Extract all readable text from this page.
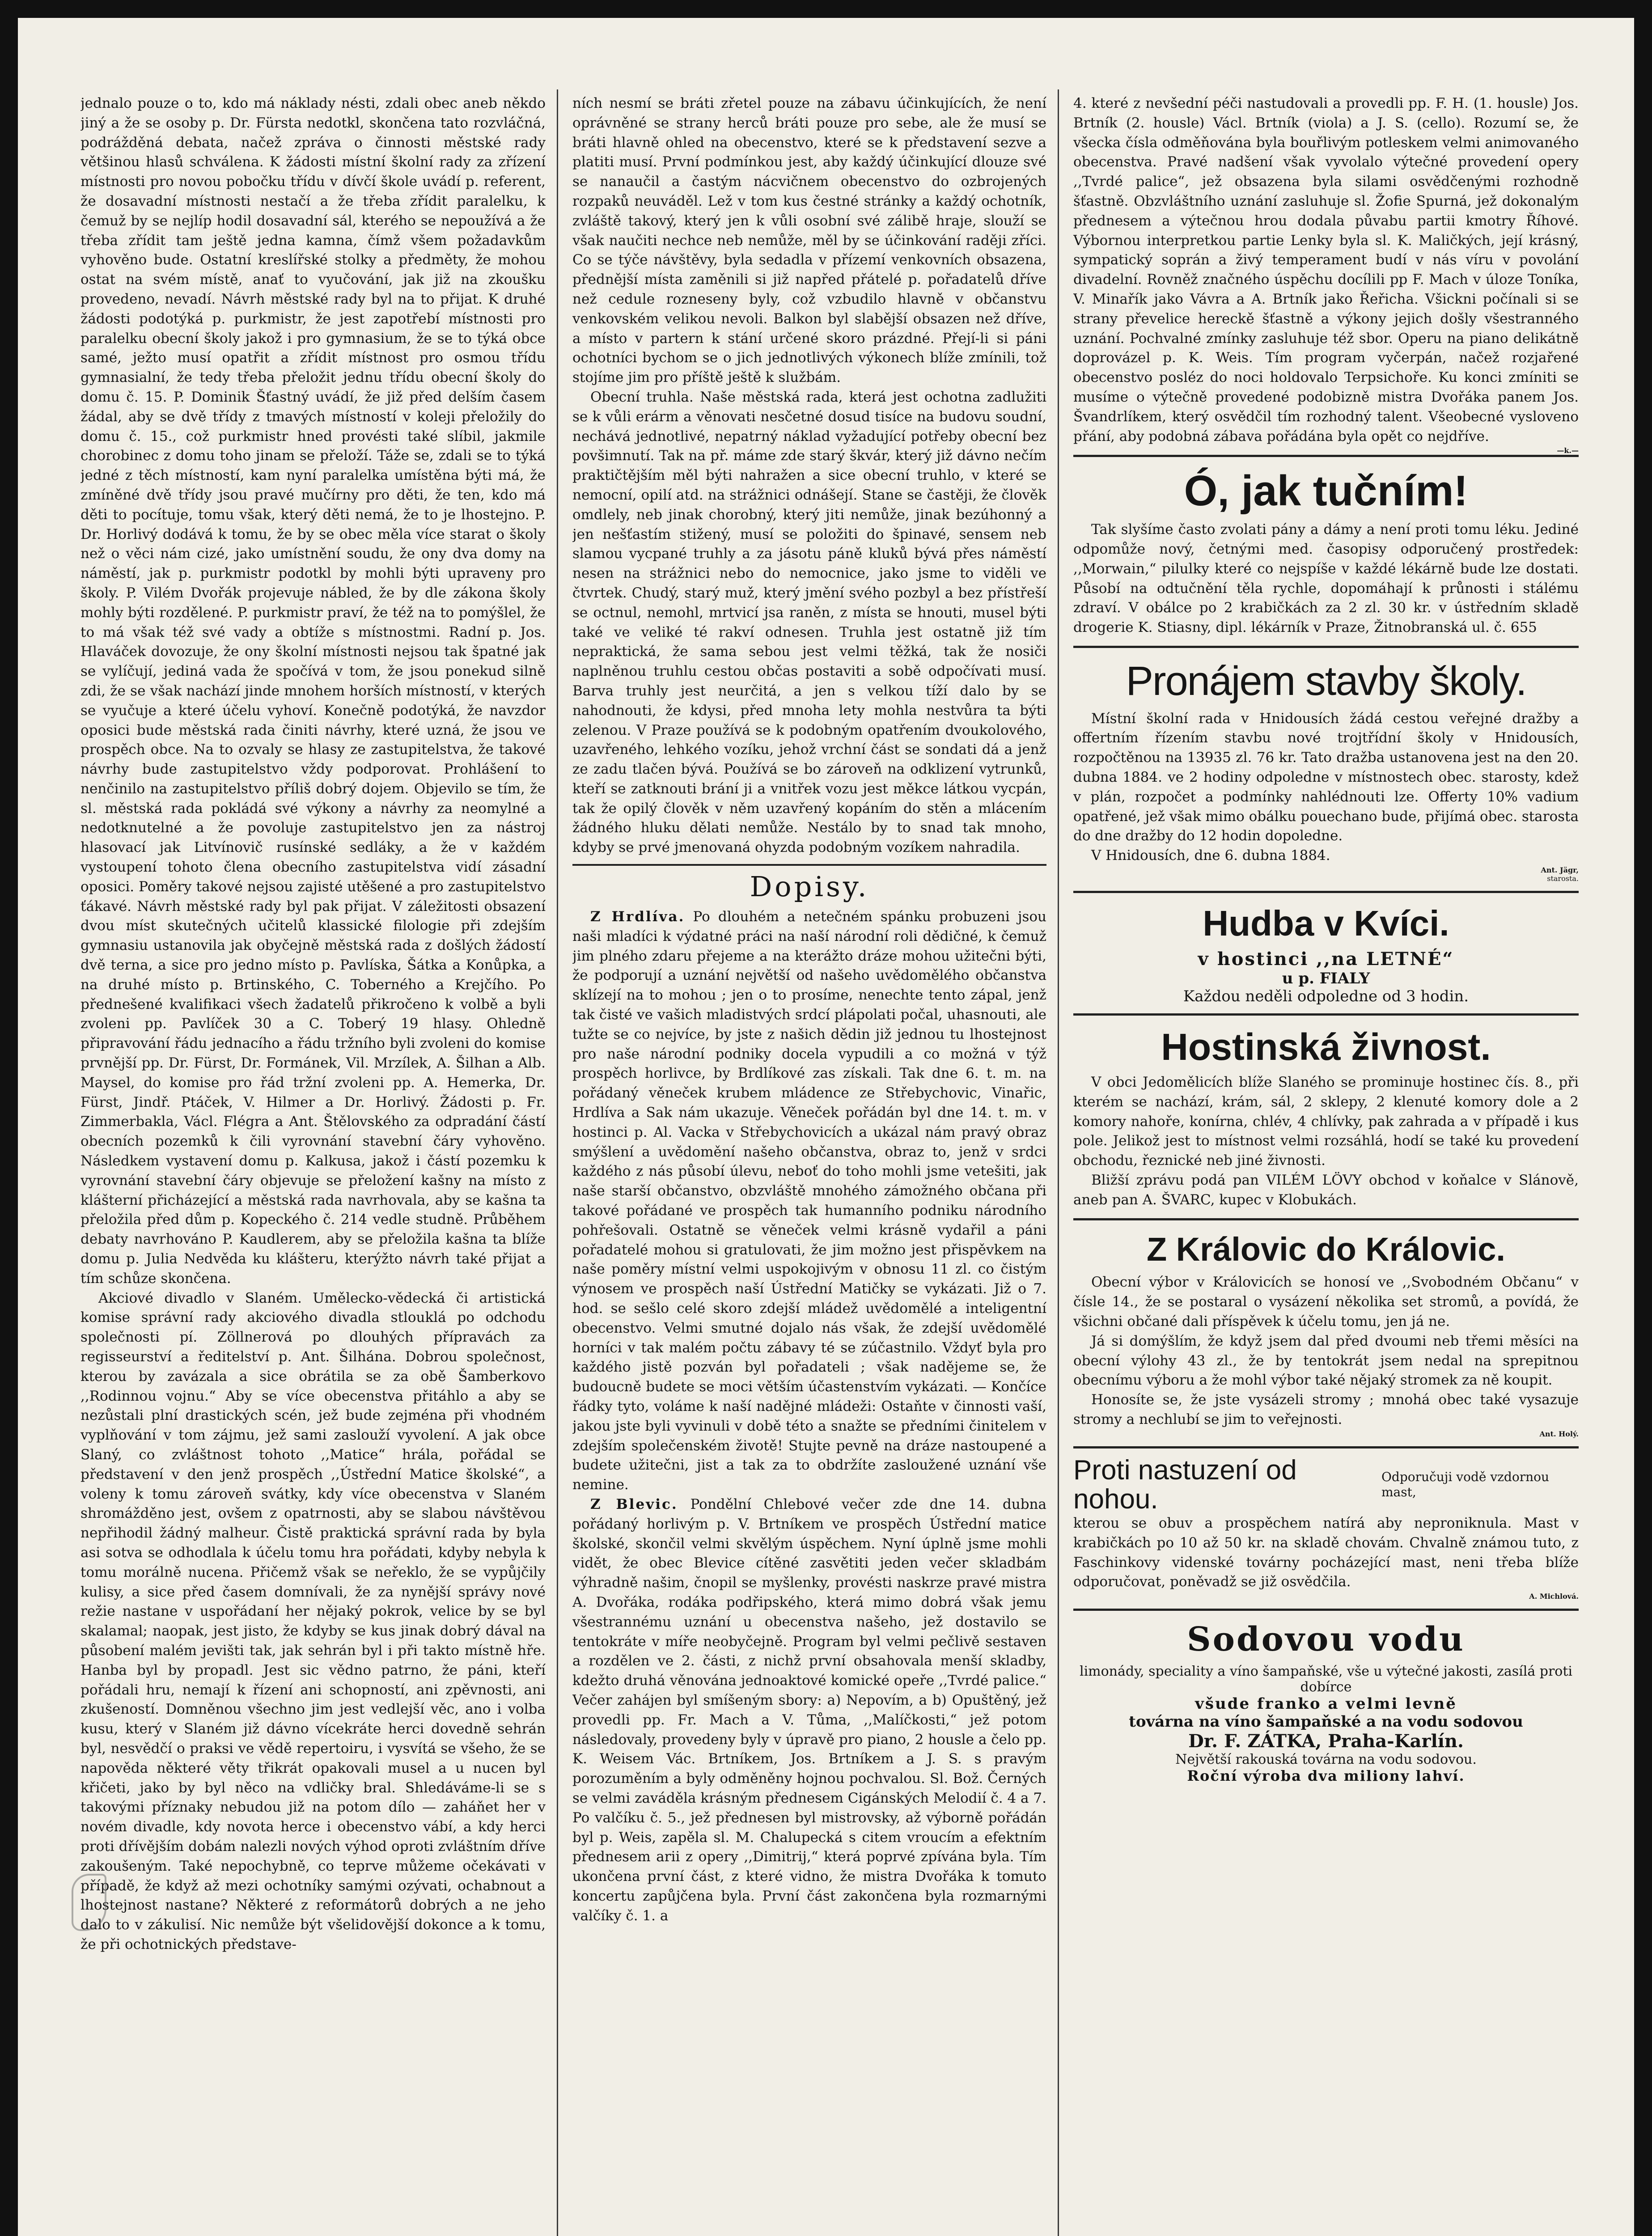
jednalo pouze o to, kdo má náklady nésti, zdali obec aneb někdo jiný a že se osoby p. Dr. Fürsta nedotkl, skončena tato rozvláčná, podrážděná debata, načež zpráva o činnosti městské rady většinou hlasů schválena. K žádosti místní školní rady za zřízení místnosti pro novou pobočku třídu v dívčí škole uvádí p. referent, že dosavadní místnosti nestačí a že třeba zřídit paralelku, k čemuž by se nejlíp hodil dosavadní sál, kterého se nepoužívá a že třeba zřídit tam ještě jedna kamna, čímž všem požadavkům vyhověno bude. Ostatní kreslířské stolky a předměty, že mohou ostat na svém místě, anať to vyučování, jak již na zkoušku provedeno, nevadí. Návrh městské rady byl na to přijat. K druhé žádosti podotýká p. purkmistr, že jest zapotřebí místnosti pro paralelku obecní školy jakož i pro gymnasium, že se to týká obce samé, ježto musí opatřit a zřídit místnost pro osmou třídu gymnasialní, že tedy třeba přeložit jednu třídu obecní školy do domu č. 15. P. Dominik Šťastný uvádí, že již před delším časem žádal, aby se dvě třídy z tmavých místností v koleji přeložily do domu č. 15., což purkmistr hned provésti také slíbil, jakmile chorobinec z domu toho jinam se přeloží. Táže se, zdali se to týká jedné z těch místností, kam nyní paralelka umístěna býti má, že zmíněné dvě třídy jsou pravé mučírny pro děti, že ten, kdo má děti to pocítuje, tomu však, který děti nemá, že to je lhostejno. P. Dr. Horlivý dodává k tomu, že by se obec měla více starat o školy než o věci nám cizé, jako umístnění soudu, že ony dva domy na náměstí, jak p. purkmistr podotkl by mohli býti upraveny pro školy. P. Vilém Dvořák projevuje nábled, že by dle zákona školy mohly býti rozdělené. P. purkmistr praví, že též na to pomýšlel, že to má však též své vady a obtíže s místnostmi. Radní p. Jos. Hlaváček dovozuje, že ony školní místnosti nejsou tak špatné jak se vylíčují, jediná vada že spočívá v tom, že jsou ponekud silně zdi, že se však nachází jinde mnohem horších místností, v kterých se vyučuje a které účelu vyhoví. Konečně podotýká, že navzdor oposici bude městská rada činiti návrhy, které uzná, že jsou ve prospěch obce. Na to ozvaly se hlasy ze zastupitelstva, že takové návrhy bude zastupitelstvo vždy podporovat. Prohlášení to nenčinilo na zastupitelstvo příliš dobrý dojem. Objevilo se tím, že sl. městská rada pokládá své výkony a návrhy za neomylné a nedotknutelné a že povoluje zastupitelstvo jen za nástroj hlasovací jak Litvínovič rusínské sedláky, a že v každém vystoupení tohoto člena obecního zastupitelstva vidí zásadní oposici. Poměry takové nejsou zajisté utěšené a pro zastupitelstvo ťákavé. Návrh městské rady byl pak přijat. V záležitosti obsazení dvou míst skutečných učitelů klassické filologie při zdejším gymnasiu ustanovila jak obyčejně městská rada z došlých žádostí dvě terna, a sice pro jedno místo p. Pavlíska, Šátka a Konůpka, a na druhé místo p. Brtinského, C. Toberného a Krejčího. Po přednešené kvalifikaci všech žadatelů přikročeno k volbě a byli zvoleni pp. Pavlíček 30 a C. Toberý 19 hlasy. Ohledně připravování řádu jednacího a řádu tržního byli zvoleni do komise prvnější pp. Dr. Fürst, Dr. Formánek, Vil. Mrzílek, A. Šilhan a Alb. Maysel, do komise pro řád tržní zvoleni pp. A. Hemerka, Dr. Fürst, Jindř. Ptáček, V. Hilmer a Dr. Horlivý. Žádosti p. Fr. Zimmerbakla, Václ. Flégra a Ant. Štělovského za odpradání částí obecních pozemků k čili vyrovnání stavební čáry vyhověno. Následkem vystavení domu p. Kalkusa, jakož i částí pozemku k vyrovnání stavební čáry objevuje se přeložení kašny na místo z klášterní přicházející a městská rada navrhovala, aby se kašna ta přeložila před dům p. Kopeckého č. 214 vedle studně. Průběhem debaty navrhováno P. Kaudlerem, aby se přeložila kašna ta blíže domu p. Julia Nedvěda ku klášteru, kterýžto návrh také přijat a tím schůze skončena.

Akciové divadlo v Slaném. Umělecko-vědecká či artistická komise správní rady akciového divadla stlouklá po odchodu společnosti pí. Zöllnerová po dlouhých přípravách za regisseurství a ředitelství p. Ant. Šilhána. Dobrou společnost, kterou by zavázala a sice obrátila se za obě Šamberkovo ,,Rodinnou vojnu.“ Aby se více obecenstva přitáhlo a aby se nezůstali plní drastických scén, jež bude zejména při vhodném vyplňování v tom zájmu, jež sami zaslouží vyvolení. A jak obce Slaný, co zvláštnost tohoto ,,Matice“ hrála, pořádal se představení v den jenž prospěch ,,Ústřední Matice školské“, a voleny k tomu zároveň svátky, kdy více obecenstva v Slaném shromážděno jest, ovšem z opatrnosti, aby se slabou návštěvou nepřihodil žádný malheur. Čistě praktická správní rada by byla asi sotva se odhodlala k účelu tomu hra pořádati, kdyby nebyla k tomu morálně nucena. Přičemž však se neřeklo, že se vypůjčily kulisy, a sice před časem domnívali, že za nynější správy nové režie nastane v uspořádaní her nějaký pokrok, velice by se byl skalamal; naopak, jest jisto, že kdyby se kus jinak dobrý dával na působení malém jevišti tak, jak sehrán byl i při takto místně hře. Hanba byl by propadl. Jest sic vědno patrno, že páni, kteří pořádali hru, nemají k řízení ani schopností, ani zpěvnosti, ani zkušeností. Domněnou všechno jim jest vedlejší věc, ano i volba kusu, který v Slaném již dávno vícekráte herci dovedně sehrán byl, nesvědčí o praksi ve vědě repertoiru, i vysvítá se všeho, že se napověda některé věty třikrát opakovali musel a u nucen byl křičeti, jako by byl něco na vdličky bral. Shledáváme-li se s takovými příznaky nebudou již na potom dílo — zaháňet her v novém divadle, kdy novota herce i obecenstvo vábí, a kdy herci proti dřívějším dobám nalezli nových výhod oproti zvláštním dříve zakoušeným. Také nepochybně, co teprve můžeme očekávati v případě, že když až mezi ochotníky samými ozývati, ochabnout a lhostejnost nastane? Některé z reformátorů dobrých a ne jeho dalo to v zákulisí. Nic nemůže být všelidovější dokonce a k tomu, že při ochotnických představe-

ních nesmí se bráti zřetel pouze na zábavu účinkujících, že není oprávněné se strany herců bráti pouze pro sebe, ale že musí se bráti hlavně ohled na obecenstvo, které se k představení sezve a platiti musí. První podmínkou jest, aby každý účinkující dlouze své se nanaučil a častým nácvičnem obecenstvo do ozbrojených rozpaků neuváděl. Lež v tom kus čestné stránky a každý ochotník, zvláště takový, který jen k vůli osobní své zálibě hraje, slouží se však naučiti nechce neb nemůže, měl by se účinkování raději zříci. Co se týče návštěvy, byla sedadla v přízemí venkovních obsazena, přednější místa zaměnili si již napřed přátelé p. pořadatelů dříve než cedule rozneseny byly, což vzbudilo hlavně v občanstvu venkovském velikou nevoli. Balkon byl slabější obsazen než dříve, a místo v partern k stání určené skoro prázdné. Přejí-li si páni ochotníci bychom se o jich jednotlivých výkonech blíže zmínili, tož stojíme jim pro příště ještě k službám.

Obecní truhla. Naše městská rada, která jest ochotna zadlužiti se k vůli erárm a věnovati nesčetné dosud tisíce na budovu soudní, nechává jednotlivé, nepatrný náklad vyžadující potřeby obecní bez povšimnutí. Tak na př. máme zde starý škvár, který již dávno nečím praktičtějším měl býti nahražen a sice obecní truhlo, v které se nemocní, opilí atd. na strážnici odnášejí. Stane se častěji, že člověk omdlely, neb jinak chorobný, který jiti nemůže, jinak bezúhonný a jen nešťastím stižený, musí se položiti do špinavé, sensem neb slamou vycpané truhly a za jásotu páně kluků bývá přes náměstí nesen na strážnici nebo do nemocnice, jako jsme to viděli ve čtvrtek. Chudý, starý muž, který jmění svého pozbyl a bez přístřeší se octnul, nemohl, mrtvicí jsa raněn, z místa se hnouti, musel býti také ve veliké té rakví odnesen. Truhla jest ostatně již tím nepraktická, že sama sebou jest velmi těžká, tak že nosiči naplněnou truhlu cestou občas postaviti a sobě odpočívati musí. Barva truhly jest neurčitá, a jen s velkou tíží dalo by se nahodnouti, že kdysi, před mnoha lety mohla nestvůra ta býti zelenou. V Praze používá se k podobným opatřením dvoukolového, uzavřeného, lehkého vozíku, jehož vrchní část se sondati dá a jenž ze zadu tlačen bývá. Používá se bo zároveň na odklizení vytrunků, kteří se zatknouti brání ji a vnitřek vozu jest měkce látkou vycpán, tak že opilý člověk v něm uzavřený kopáním do stěn a mlácením žádného hluku dělati nemůže. Nestálo by to snad tak mnoho, kdyby se prvé jmenovaná ohyzda podobným vozíkem nahradila.

Dopisy.

Z Hrdlíva. Po dlouhém a netečném spánku probuzeni jsou naši mladíci k výdatné práci na naší národní roli dědičné, k čemuž jim plného zdaru přejeme a na kterážto dráze mohou užitečni býti, že podporují a uznání největší od našeho uvědomělého občanstva sklízejí na to mohou ; jen o to prosíme, nenechte tento zápal, jenž tak čisté ve vašich mladistvých srdcí plápolati počal, uhasnouti, ale tužte se co nejvíce, by jste z našich dědin již jednou tu lhostejnost pro naše národní podniky docela vypudili a co možná v týž prospěch horlivce, by Brdlíkové zas získali. Tak dne 6. t. m. na pořádaný věneček krubem mládence ze Střebychovic, Vinařic, Hrdlíva a Sak nám ukazuje. Věneček pořádán byl dne 14. t. m. v hostinci p. Al. Vacka v Střebychovicích a ukázal nám pravý obraz smýšlení a uvědomění našeho občanstva, obraz to, jenž v srdci každého z nás působí úlevu, neboť do toho mohli jsme vetešiti, jak naše starší občanstvo, obzvláště mnohého zámožného občana při takové pořádané ve prospěch tak humanního podniku národního pohřešovali. Ostatně se věneček velmi krásně vydařil a páni pořadatelé mohou si gratulovati, že jim možno jest přispěvkem na naše poměry místní velmi uspokojivým v obnosu 11 zl. co čistým výnosem ve prospěch naší Ústřední Matičky se vykázati. Již o 7. hod. se sešlo celé skoro zdejší mládež uvědomělé a inteligentní obecenstvo. Velmi smutné dojalo nás však, že zdejší uvědomělé horníci v tak malém počtu zábavy té se zúčastnilo. Vždyť byla pro každého jistě pozván byl pořadateli ; však nadějeme se, že budoucně budete se moci větším účastenstvím vykázati. — Končíce řádky tyto, voláme k naší nadějné mládeži: Ostaňte v činnosti vaší, jakou jste byli vyvinuli v době této a snažte se předními činitelem v zdejším společenském životě! Stujte pevně na dráze nastoupené a budete užitečni, jist a tak za to obdržíte zasloužené uznání vše nemine.

Z Blevic. Pondělní Chlebové večer zde dne 14. dubna pořádaný horlivým p. V. Brtníkem ve prospěch Ústřední matice školské, skončil velmi skvělým úspěchem. Nyní úplně jsme mohli vidět, že obec Blevice cítěné zasvětiti jeden večer skladbám výhradně našim, čnopil se myšlenky, provésti naskrze pravé mistra A. Dvořáka, rodáka podřipského, která mimo dobrá však jemu všestrannému uznání u obecenstva našeho, jež dostavilo se tentokráte v míře neobyčejně. Program byl velmi pečlivě sestaven a rozdělen ve 2. části, z nichž první obsahovala menší skladby, kdežto druhá věnována jednoaktové komické opeře ,,Tvrdé palice.“ Večer zahájen byl smíšeným sbory: a) Nepovím, a b) Opuštěný, jež provedli pp. Fr. Mach a V. Tůma, ,,Malíčkosti,“ jež potom následovaly, provedeny byly v úpravě pro piano, 2 housle a čelo pp. K. Weisem Vác. Brtníkem, Jos. Brtníkem a J. S. s pravým porozuměním a byly odměněny hojnou pochvalou. Sl. Bož. Černých se velmi zaváděla krásným přednesem Cigánských Melodií č. 4 a 7. Po valčíku č. 5., jež přednesen byl mistrovsky, až výborně pořádán byl p. Weis, zapěla sl. M. Chalupecká s citem vroucím a efektním přednesem arii z opery ,,Dimitrij,“ která poprvé zpívána byla. Tím ukončena první část, z které vidno, že mistra Dvořáka k tomuto koncertu zapůjčena byla. První část zakončena byla rozmarnými valčíky č. 1. a

4. které z nevšední péči nastudovali a provedli pp. F. H. (1. housle) Jos. Brtník (2. housle) Václ. Brtník (viola) a J. S. (cello). Rozumí se, že všecka čísla odměňována byla bouřlivým potleskem velmi animovaného obecenstva. Pravé nadšení však vyvolalo výtečné provedení opery ,,Tvrdé palice“, jež obsazena byla silami osvědčenými rozhodně šťastně. Obzvláštního uznání zasluhuje sl. Žofie Spurná, jež dokonalým přednesem a výtečnou hrou dodala půvabu partii kmotry Říhové. Výbornou interpretkou partie Lenky byla sl. K. Maličkých, její krásný, sympatický soprán a živý temperament budí v nás víru v povolání divadelní. Rovněž značného úspěchu docílili pp F. Mach v úloze Toníka, V. Minařík jako Vávra a A. Brtník jako Řeřicha. Všickni počínali si se strany převelice hereckě šťastně a výkony jejich došly všestranného uznání. Pochvalné zmínky zasluhuje též sbor. Operu na piano delikátně doprovázel p. K. Weis. Tím program vyčerpán, načež rozjařené obecenstvo posléz do noci holdovalo Terpsichoře. Ku konci zmíniti se musíme o výtečně provedené podobizně mistra Dvořáka panem Jos. Švandrlíkem, který osvědčil tím rozhodný talent. Všeobecné vysloveno přání, aby podobná zábava pořádána byla opět co nejdříve.

—k.—
Ó, jak tučním!

Tak slyšíme často zvolati pány a dámy a není proti tomu léku. Jediné odpomůže nový, četnými med. časopisy odporučený prostředek: ,,Morwain,“ pilulky které co nejspíše v každé lékárně bude lze dostati. Působí na odtučnění těla rychle, dopomáhají k průnosti i stálému zdraví. V obálce po 2 krabičkách za 2 zl. 30 kr. v ústředním skladě drogerie K. Stiasny, dipl. lékárník v Praze, Žitnobranská ul. č. 655

Pronájem stavby školy.

Místní školní rada v Hnidousích žádá cestou veřejné dražby a offertním řízením stavbu nové trojtřídní školy v Hnidousích, rozpočtěnou na 13935 zl. 76 kr. Tato dražba ustanovena jest na den 20. dubna 1884. ve 2 hodiny odpoledne v místnostech obec. starosty, kdež v plán, rozpočet a podmínky nahlédnouti lze. Offerty 10% vadium opatřené, jež však mimo obálku pouechano bude, přijímá obec. starosta do dne dražby do 12 hodin dopoledne.

V Hnidousích, dne 6. dubna 1884.

Ant. Jägr,
starosta.
Hudba v Kvíci.
v hostinci ,,na LETNÉ“
u p. FIALY
Každou neděli odpoledne od 3 hodin.
Hostinská živnost.

V obci Jedomělicích blíže Slaného se prominuje hostinec čís. 8., při kterém se nachází, krám, sál, 2 sklepy, 2 klenuté komory dole a 2 komory nahoře, konírna, chlév, 4 chlívky, pak zahrada a v případě i kus pole. Jelikož jest to místnost velmi rozsáhlá, hodí se také ku provedení obchodu, řeznické neb jiné živnosti.

Bližší zprávu podá pan VILÉM LÖVY obchod v koňalce v Slánově, aneb pan A. ŠVARC, kupec v Klobukách.

Z Královic do Královic.

Obecní výbor v Královicích se honosí ve ,,Svobodném Občanu“ v čísle 14., že se postaral o vysázení několika set stromů, a povídá, že všichni občané dali příspěvek k účelu tomu, jen já ne.

Já si domýšlím, že když jsem dal před dvoumi neb třemi měsíci na obecní výlohy 43 zl., že by tentokrát jsem nedal na sprepitnou obecnímu výboru a že mohl výbor také nějaký stromek za ně koupit.

Honosíte se, že jste vysázeli stromy ; mnohá obec také vysazuje stromy a nechlubí se jim to veřejnosti.

Ant. Holý.
Proti nastuzení od nohou.
Odporučuji vodě vzdornou mast,

kterou se obuv a prospěchem natírá aby neproniknula. Mast v krabičkách po 10 až 50 kr. na skladě chovám. Chvalně známou tuto, z Faschinkovy videnské továrny pocházející mast, neni třeba blíže odporučovat, poněvadž se již osvědčila.

A. Michlová.
Sodovou vodu
limonády, speciality a víno šampaňské, vše u výtečné jakosti, zasílá proti dobírce
všude franko a velmi levně
továrna na víno šampaňské a na vodu sodovou
Dr. F. ZÁTKA, Praha-Karlín.
Největší rakouská továrna na vodu sodovou.
Roční výroba dva miliony lahví.
